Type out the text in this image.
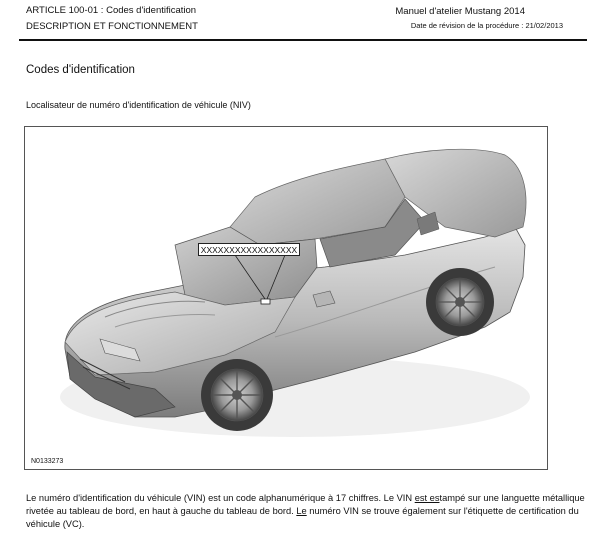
ARTICLE 100-01 : Codes d'identification
DESCRIPTION ET FONCTIONNEMENT
Manuel d'atelier Mustang 2014
Date de révision de la procédure : 21/02/2013
Codes d'identification
Localisateur de numéro d'identification de véhicule (NIV)
XXXXXXXXXXXXXXXXX
N0133273
Le numéro d'identification du véhicule (VIN) est un code alphanumérique à 17 chiffres. Le VIN est estampé sur une languette métallique rivetée au tableau de bord, en haut à gauche du tableau de bord. Le numéro VIN se trouve également sur l'étiquette de certification du véhicule (VC).
